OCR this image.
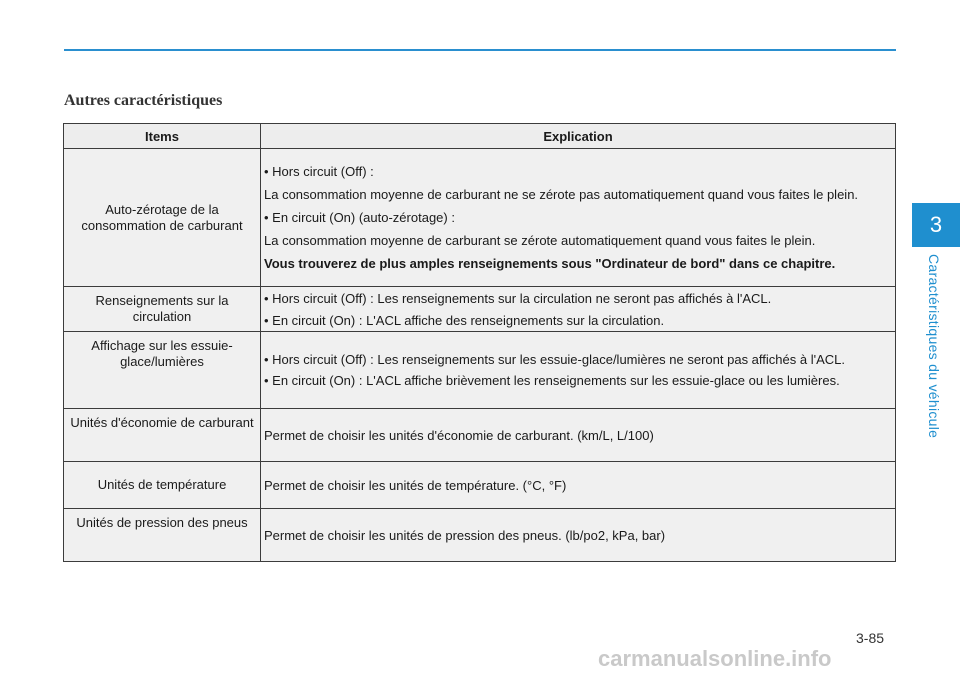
Autres caractéristiques
3
Caractéristiques du véhicule
Items	Explication
Auto-zérotage de la consommation de carburant	• Hors circuit (Off) :

La consommation moyenne de carburant ne se zérote pas automatiquement quand vous faites le plein.

• En circuit (On) (auto-zérotage) :

La consommation moyenne de carburant se zérote automatiquement quand vous faites le plein.

Vous trouverez de plus amples renseignements sous "Ordinateur de bord" dans ce chapitre.

Renseignements sur la circulation	• Hors circuit (Off) : Les renseignements sur la circulation ne seront pas affichés à l'ACL.

• En circuit (On) : L'ACL affiche des renseignements sur la circulation.

Affichage sur les essuie-glace/lumières	• Hors circuit (Off) : Les renseignements sur les essuie-glace/lumières ne seront pas affichés à l'ACL.

• En circuit (On) : L'ACL affiche brièvement les renseignements sur les essuie-glace ou les lumières.

Unités d'économie de carburant	Permet de choisir les unités d'économie de carburant. (km/L, L/100)
Unités de température	Permet de choisir les unités de température. (°C, °F)
Unités de pression des pneus	Permet de choisir les unités de pression des pneus. (lb/po2, kPa, bar)
3-85
carmanualsonline.info
